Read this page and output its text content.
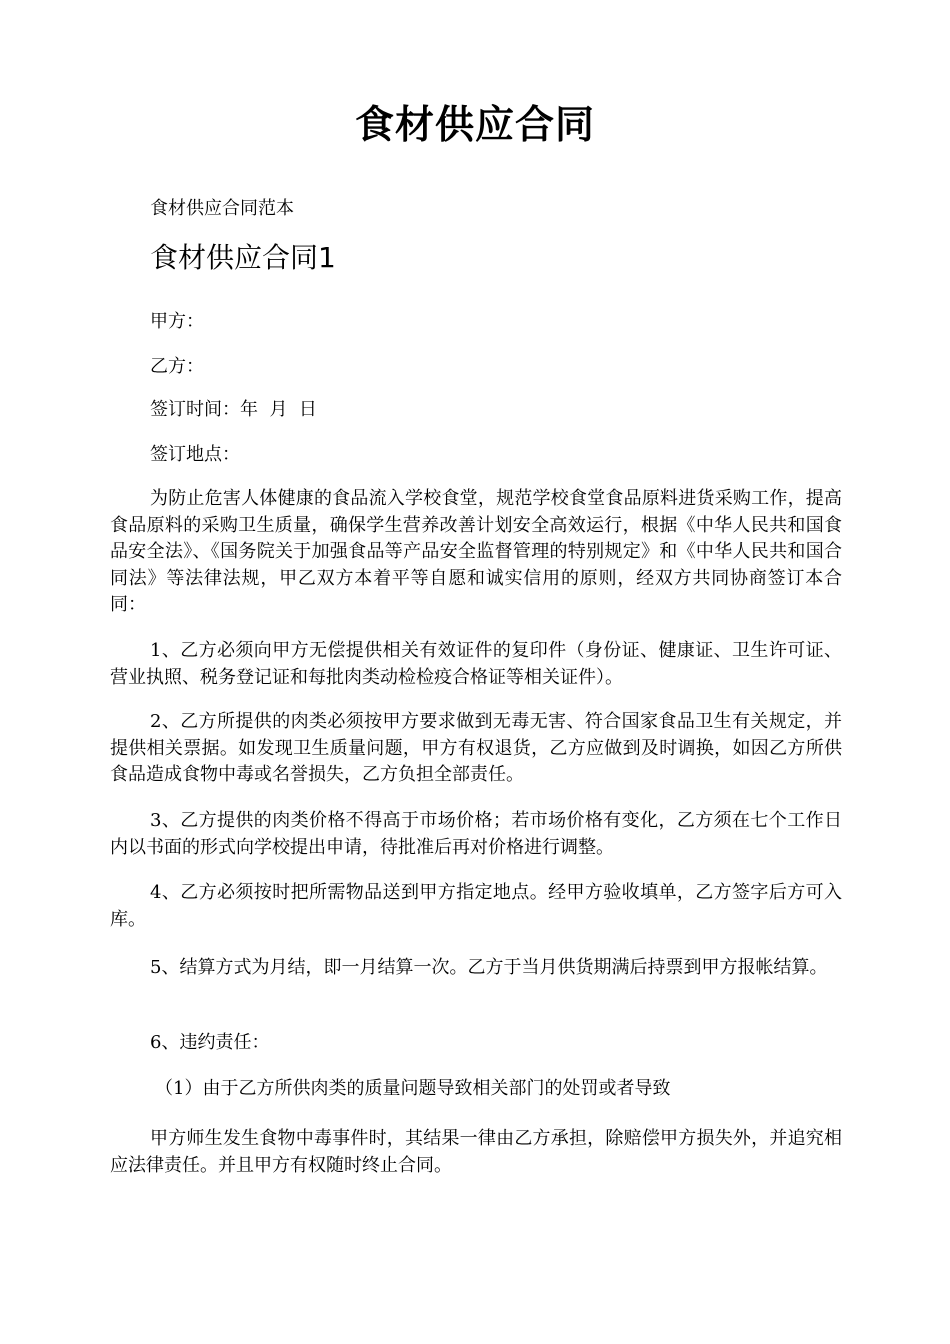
食材供应合同
食材供应合同范本
食材供应合同1
甲方：
乙方：
签订时间：年  月  日
签订地点：
为防止危害人体健康的食品流入学校食堂，规范学校食堂食品原料进货采购工作，提高食品原料的采购卫生质量，确保学生营养改善计划安全高效运行，根据《中华人民共和国食品安全法》、《国务院关于加强食品等产品安全监督管理的特别规定》和《中华人民共和国合同法》等法律法规，甲乙双方本着平等自愿和诚实信用的原则，经双方共同协商签订本合同：
1、乙方必须向甲方无偿提供相关有效证件的复印件（身份证、健康证、卫生许可证、营业执照、税务登记证和每批肉类动检检疫合格证等相关证件）。
2、乙方所提供的肉类必须按甲方要求做到无毒无害、符合国家食品卫生有关规定，并提供相关票据。如发现卫生质量问题，甲方有权退货，乙方应做到及时调换，如因乙方所供食品造成食物中毒或名誉损失，乙方负担全部责任。
3、乙方提供的肉类价格不得高于市场价格；若市场价格有变化，乙方须在七个工作日内以书面的形式向学校提出申请，待批准后再对价格进行调整。
4、乙方必须按时把所需物品送到甲方指定地点。经甲方验收填单，乙方签字后方可入库。
5、结算方式为月结，即一月结算一次。乙方于当月供货期满后持票到甲方报帐结算。
6、违约责任：
（1）由于乙方所供肉类的质量问题导致相关部门的处罚或者导致
甲方师生发生食物中毒事件时，其结果一律由乙方承担，除赔偿甲方损失外，并追究相应法律责任。并且甲方有权随时终止合同。
